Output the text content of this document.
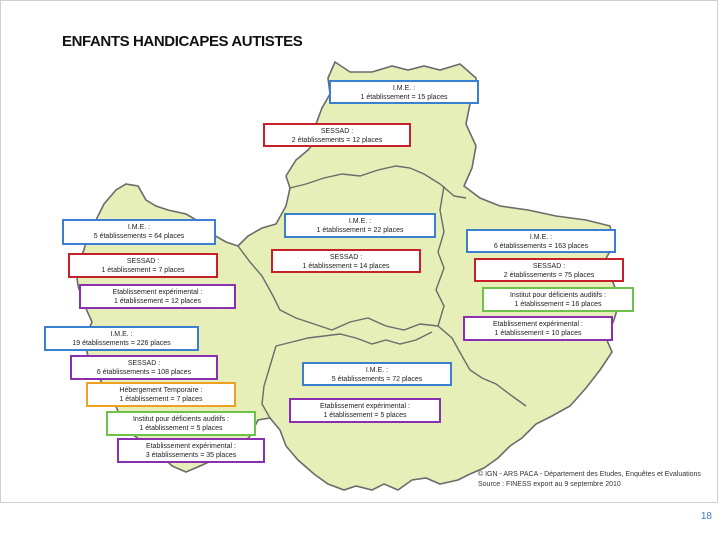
ENFANTS HANDICAPES AUTISTES
I.M.E. :
1 établissement = 15 places
SESSAD :
2 établissements = 12 places
I.M.E. :
1 établissement = 22 places
SESSAD :
1 établissement = 14 places
I.M.E. :
5 établissements = 64 places
SESSAD :
1 établissement = 7 places
Etablissement expérimental :
1 établissement = 12 places
I.M.E. :
6 établissements = 163 places
SESSAD :
2 établissements = 75 places
Institut pour déficients auditifs :
1 établissement = 16 places
Etablissement expérimental :
1 établissement = 10 places
I.M.E. :
19 établissements = 226 places
SESSAD :
6 établissements = 108 places
Hébergement Temporaire :
1 établissement = 7 places
Institut pour déficients auditifs :
1 établissement = 5 places
Etablissement expérimental :
3 établissements = 35 places
I.M.E. :
5 établissements = 72 places
Etablissement expérimental :
1 établissement = 5 places
© IGN - ARS PACA - Département des Etudes, Enquêtes et Evaluations
Source : FINESS export au 9 septembre 2010
18
